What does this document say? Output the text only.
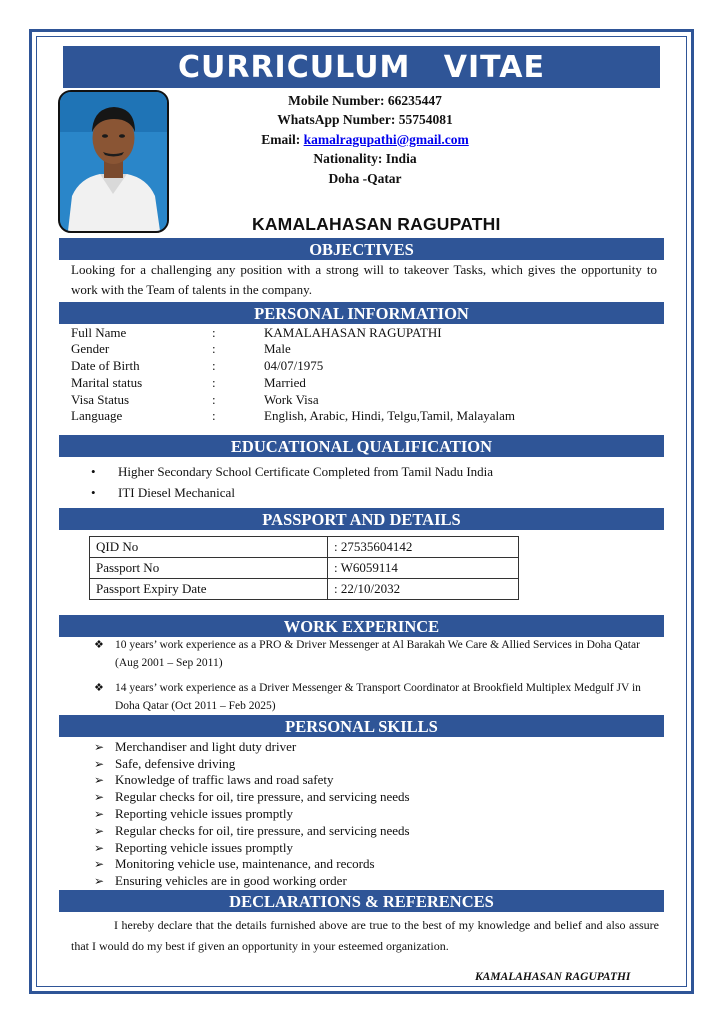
CURRICULUM VITAE
Mobile Number: 66235447
WhatsApp Number: 55754081
Email: kamalragupathi@gmail.com
Nationality: India
Doha -Qatar
KAMALAHASAN RAGUPATHI
OBJECTIVES
Looking for a challenging any position with a strong will to takeover Tasks, which gives the opportunity to work with the Team of talents in the company.
PERSONAL INFORMATION
Full Name	:	KAMALAHASAN RAGUPATHI
Gender	:	Male
Date of Birth	:	04/07/1975
Marital status	:	Married
Visa Status	:	Work Visa
Language	:	English, Arabic, Hindi, Telgu,Tamil, Malayalam
EDUCATIONAL QUALIFICATION
• Higher Secondary School Certificate Completed from Tamil Nadu India
• ITI Diesel Mechanical
PASSPORT AND DETAILS
QID No	: 27535604142
Passport No	: W6059114
Passport Expiry Date	: 22/10/2032
WORK EXPERINCE
❖ 10 years’ work experience as a PRO & Driver Messenger at Al Barakah We Care & Allied Services in Doha Qatar (Aug 2001 – Sep 2011)
❖ 14 years’ work experience as a Driver Messenger & Transport Coordinator at Brookfield Multiplex Medgulf JV in Doha Qatar (Oct 2011 – Feb 2025)
PERSONAL SKILLS
➢ Merchandiser and light duty driver
➢ Safe, defensive driving
➢ Knowledge of traffic laws and road safety
➢ Regular checks for oil, tire pressure, and servicing needs
➢ Reporting vehicle issues promptly
➢ Regular checks for oil, tire pressure, and servicing needs
➢ Reporting vehicle issues promptly
➢ Monitoring vehicle use, maintenance, and records
➢ Ensuring vehicles are in good working order
DECLARATIONS & REFERENCES
I hereby declare that the details furnished above are true to the best of my knowledge and belief and also assure that I would do my best if given an opportunity in your esteemed organization.
KAMALAHASAN RAGUPATHI
